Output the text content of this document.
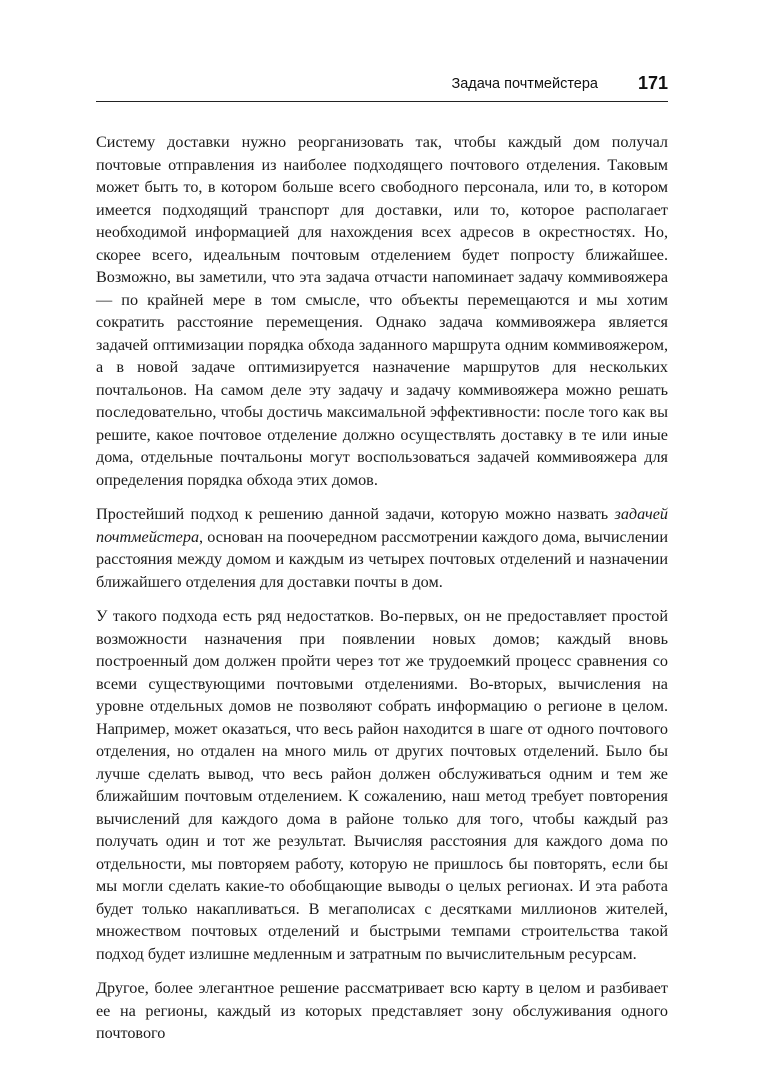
Задача почтмейстера 171

Систему доставки нужно реорганизовать так, чтобы каждый дом получал почтовые отправления из наиболее подходящего почтового отделения. Таковым может быть то, в котором больше всего свободного персонала, или то, в котором имеется подходящий транспорт для доставки, или то, которое располагает необходимой информацией для нахождения всех адресов в окрестностях. Но, скорее всего, идеальным почтовым отделением будет попросту ближайшее. Возможно, вы заметили, что эта задача отчасти напоминает задачу коммивояжера — по крайней мере в том смысле, что объекты перемещаются и мы хотим сократить расстояние перемещения. Однако задача коммивояжера является задачей оптимизации порядка обхода заданного маршрута одним коммивояжером, а в новой задаче оптимизируется назначение маршрутов для нескольких почтальонов. На самом деле эту задачу и задачу коммивояжера можно решать последовательно, чтобы достичь максимальной эффективности: после того как вы решите, какое почтовое отделение должно осуществлять доставку в те или иные дома, отдельные почтальоны могут воспользоваться задачей коммивояжера для определения порядка обхода этих домов.

Простейший подход к решению данной задачи, которую можно назвать задачей почтмейстера, основан на поочередном рассмотрении каждого дома, вычислении расстояния между домом и каждым из четырех почтовых отделений и назначении ближайшего отделения для доставки почты в дом.

У такого подхода есть ряд недостатков. Во-первых, он не предоставляет простой возможности назначения при появлении новых домов; каждый вновь построенный дом должен пройти через тот же трудоемкий процесс сравнения со всеми существующими почтовыми отделениями. Во-вторых, вычисления на уровне отдельных домов не позволяют собрать информацию о регионе в целом. Например, может оказаться, что весь район находится в шаге от одного почтового отделения, но отдален на много миль от других почтовых отделений. Было бы лучше сделать вывод, что весь район должен обслуживаться одним и тем же ближайшим почтовым отделением. К сожалению, наш метод требует повторения вычислений для каждого дома в районе только для того, чтобы каждый раз получать один и тот же результат. Вычисляя расстояния для каждого дома по отдельности, мы повторяем работу, которую не пришлось бы повторять, если бы мы могли сделать какие-то обобщающие выводы о целых регионах. И эта работа будет только накапливаться. В мегаполисах с десятками миллионов жителей, множеством почтовых отделений и быстрыми темпами строительства такой подход будет излишне медленным и затратным по вычислительным ресурсам.

Другое, более элегантное решение рассматривает всю карту в целом и разбивает ее на регионы, каждый из которых представляет зону обслуживания одного почтового
